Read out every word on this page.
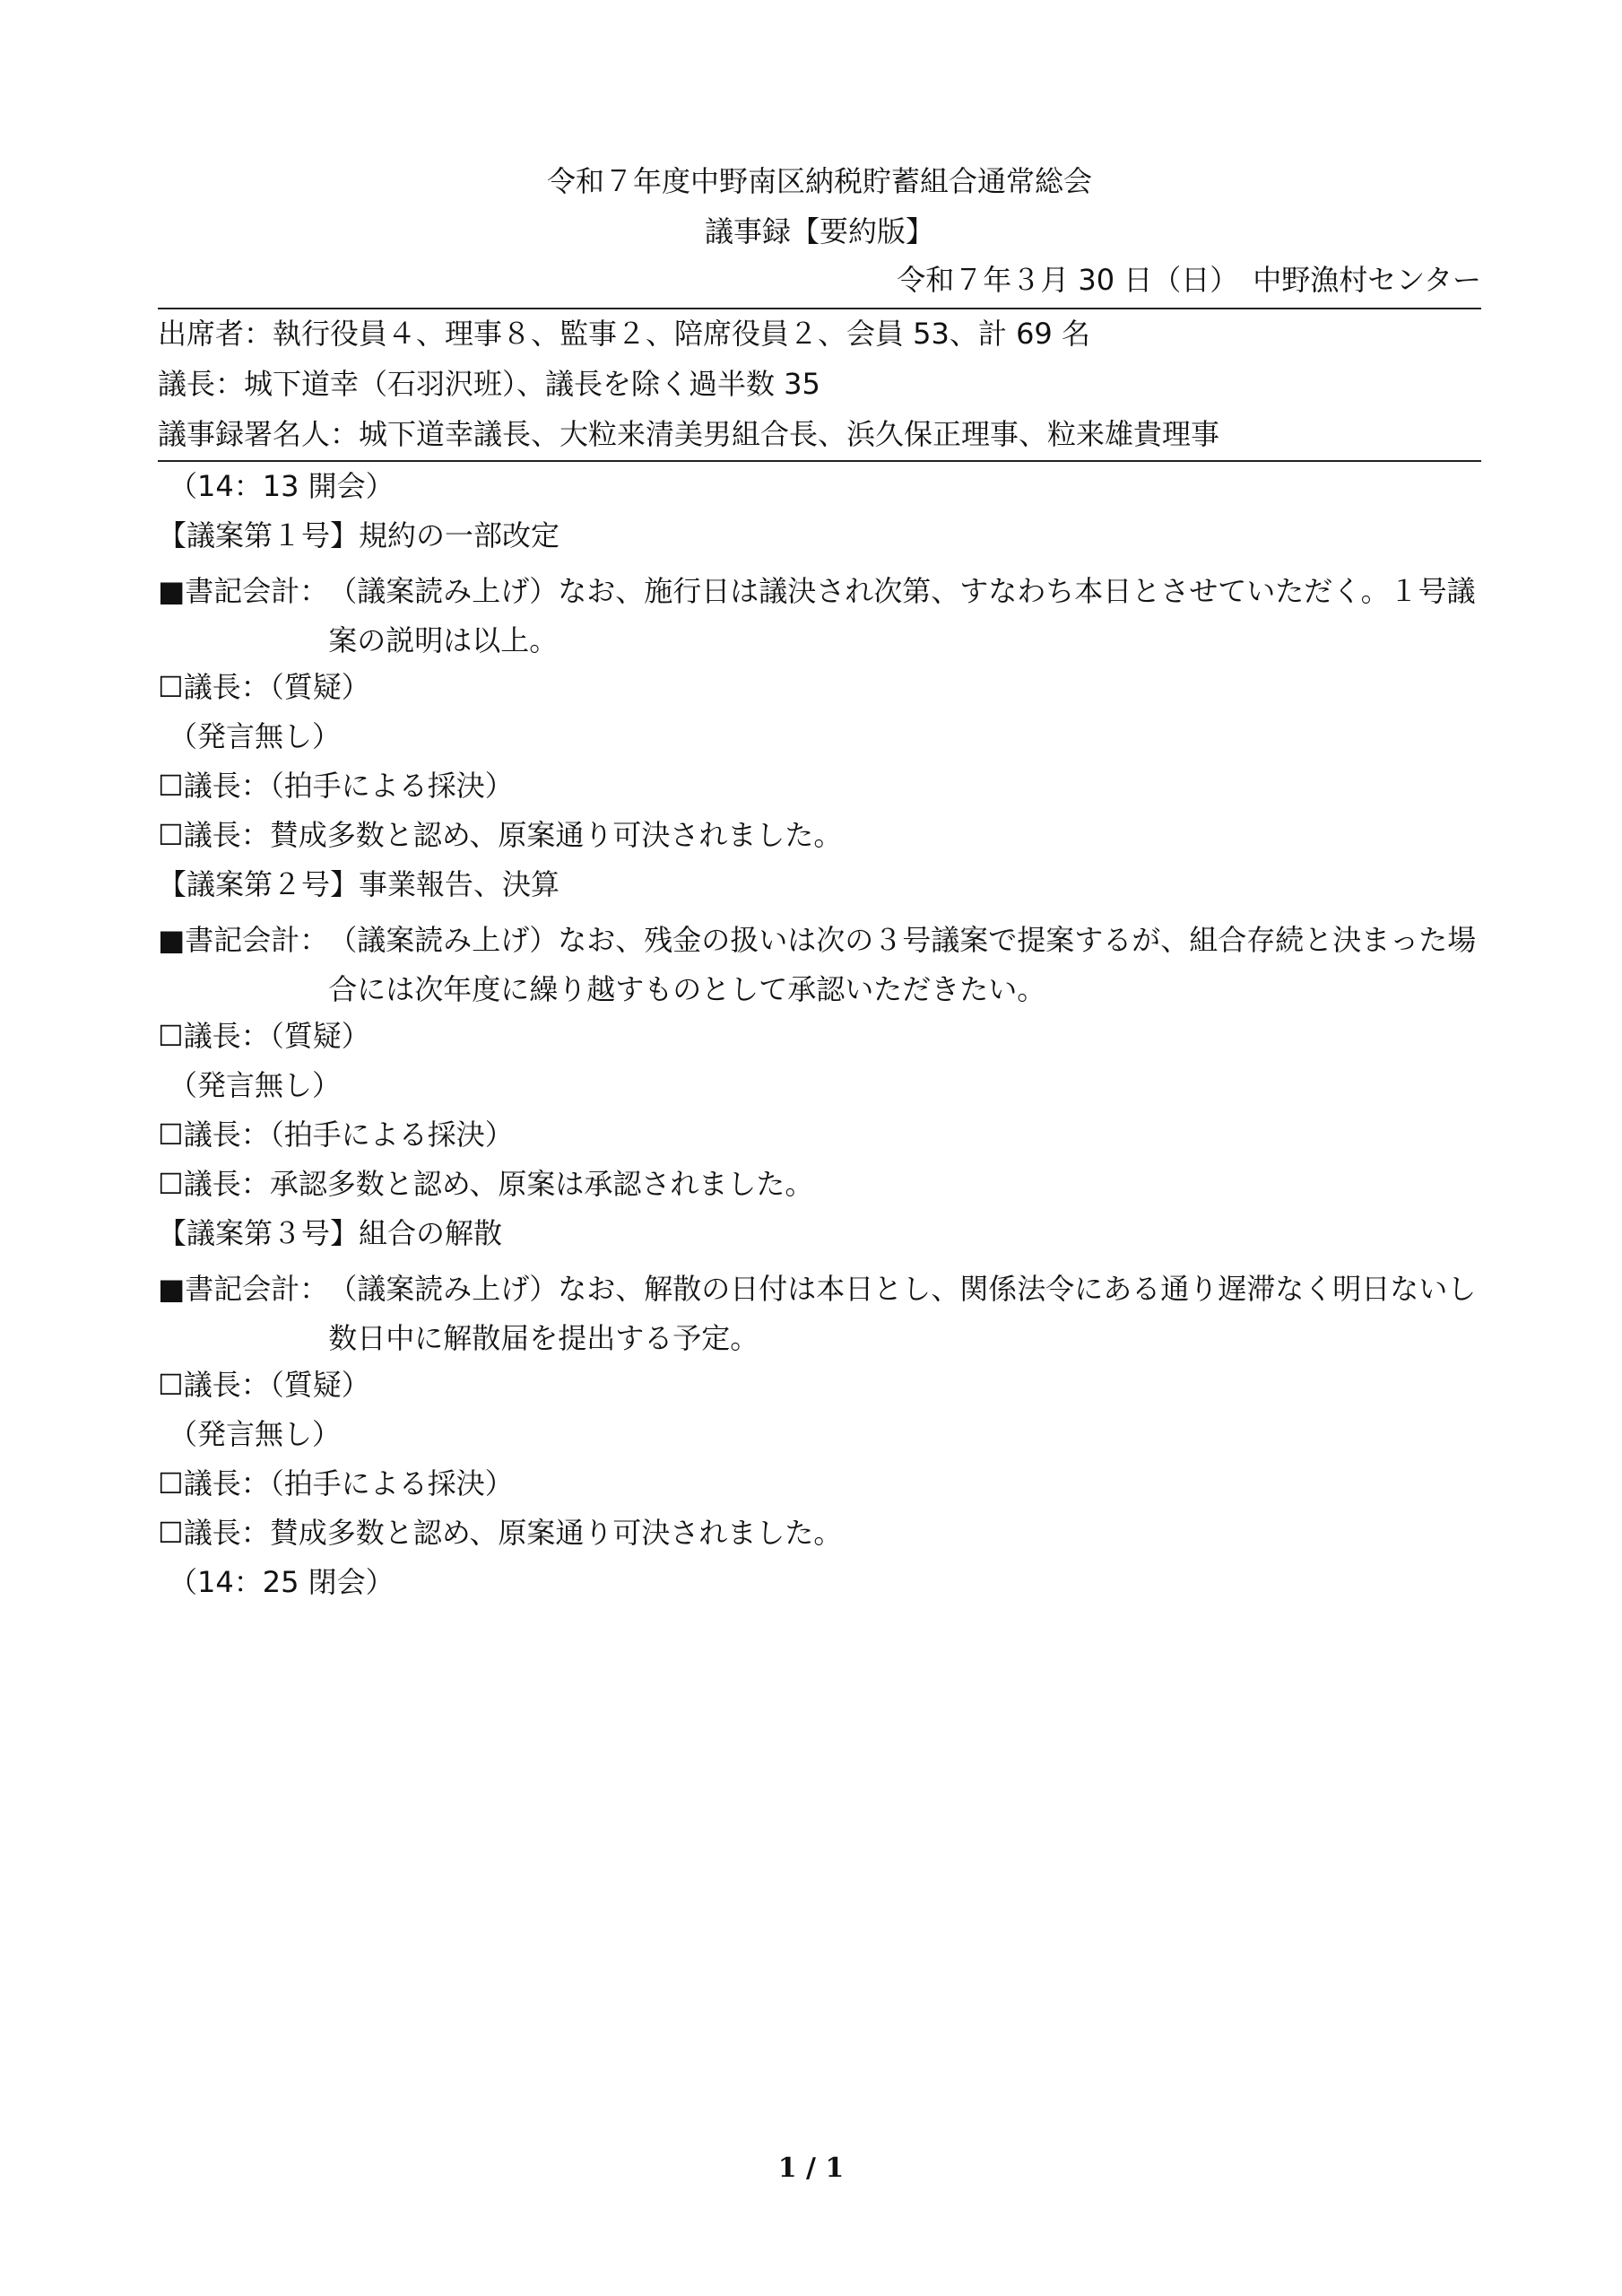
令和７年度中野南区納税貯蓄組合通常総会
議事録【要約版】
令和７年３月 30 日（日）　中野漁村センター
出席者：執行役員４、理事８、監事２、陪席役員２、会員 53、計 69 名
議長：城下道幸（石羽沢班）、議長を除く過半数 35
議事録署名人：城下道幸議長、大粒来清美男組合長、浜久保正理事、粒来雄貴理事
（14：13 開会）
【議案第１号】規約の一部改定
■書記会計： （議案読み上げ）なお、施行日は議決され次第、すなわち本日とさせていただく。１号議案の説明は以上。
☐議長：（質疑）
（発言無し）
☐議長：（拍手による採決）
☐議長：賛成多数と認め、原案通り可決されました。
【議案第２号】事業報告、決算
■書記会計： （議案読み上げ）なお、残金の扱いは次の３号議案で提案するが、組合存続と決まった場合には次年度に繰り越すものとして承認いただきたい。
☐議長：（質疑）
（発言無し）
☐議長：（拍手による採決）
☐議長：承認多数と認め、原案は承認されました。
【議案第３号】組合の解散
■書記会計： （議案読み上げ）なお、解散の日付は本日とし、関係法令にある通り遅滞なく明日ないし数日中に解散届を提出する予定。
☐議長：（質疑）
（発言無し）
☐議長：（拍手による採決）
☐議長：賛成多数と認め、原案通り可決されました。
（14：25 閉会）
1 / 1
